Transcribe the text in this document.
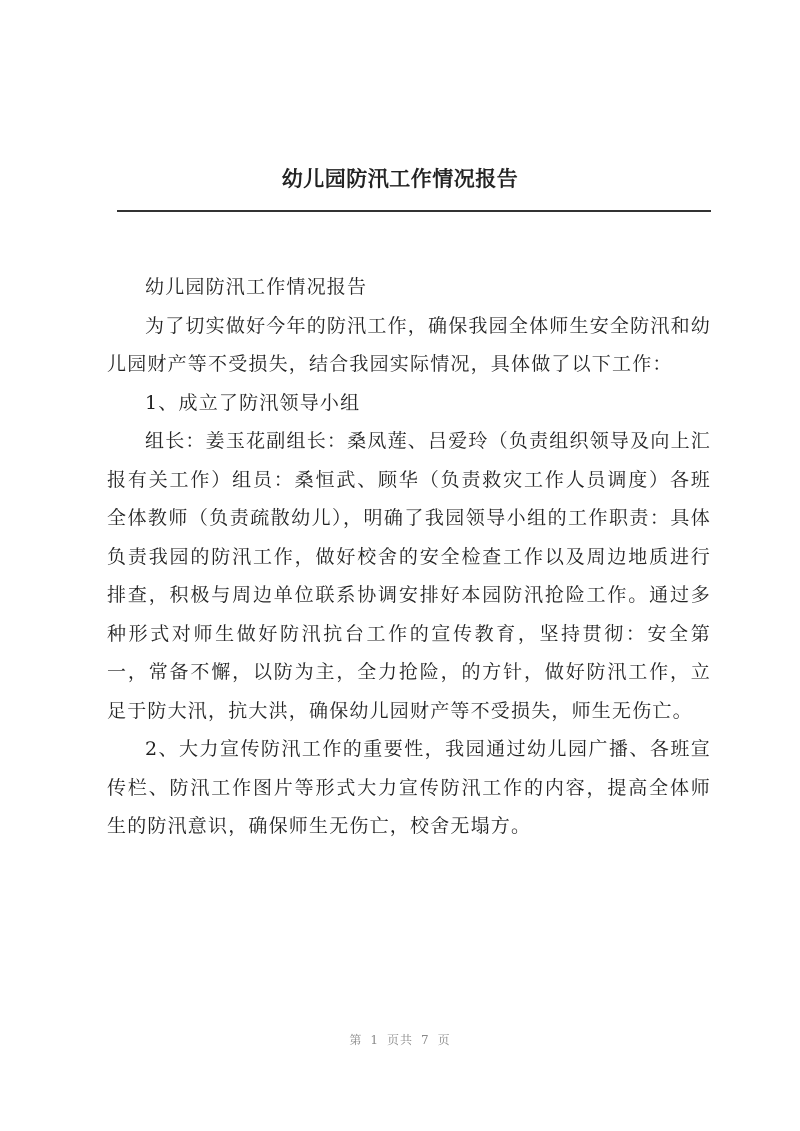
幼儿园防汛工作情况报告

幼儿园防汛工作情况报告

为了切实做好今年的防汛工作，确保我园全体师生安全防汛和幼儿园财产等不受损失，结合我园实际情况，具体做了以下工作：

1、成立了防汛领导小组

组长：姜玉花副组长：桑凤莲、吕爱玲（负责组织领导及向上汇报有关工作）组员：桑恒武、顾华（负责救灾工作人员调度）各班全体教师（负责疏散幼儿），明确了我园领导小组的工作职责：具体负责我园的防汛工作，做好校舍的安全检查工作以及周边地质进行排查，积极与周边单位联系协调安排好本园防汛抢险工作。通过多种形式对师生做好防汛抗台工作的宣传教育，坚持贯彻：安全第一，常备不懈，以防为主，全力抢险，的方针，做好防汛工作，立足于防大汛，抗大洪，确保幼儿园财产等不受损失，师生无伤亡。

2、大力宣传防汛工作的重要性，我园通过幼儿园广播、各班宣传栏、防汛工作图片等形式大力宣传防汛工作的内容，提高全体师生的防汛意识，确保师生无伤亡，校舍无塌方。

第 1 页共 7 页
